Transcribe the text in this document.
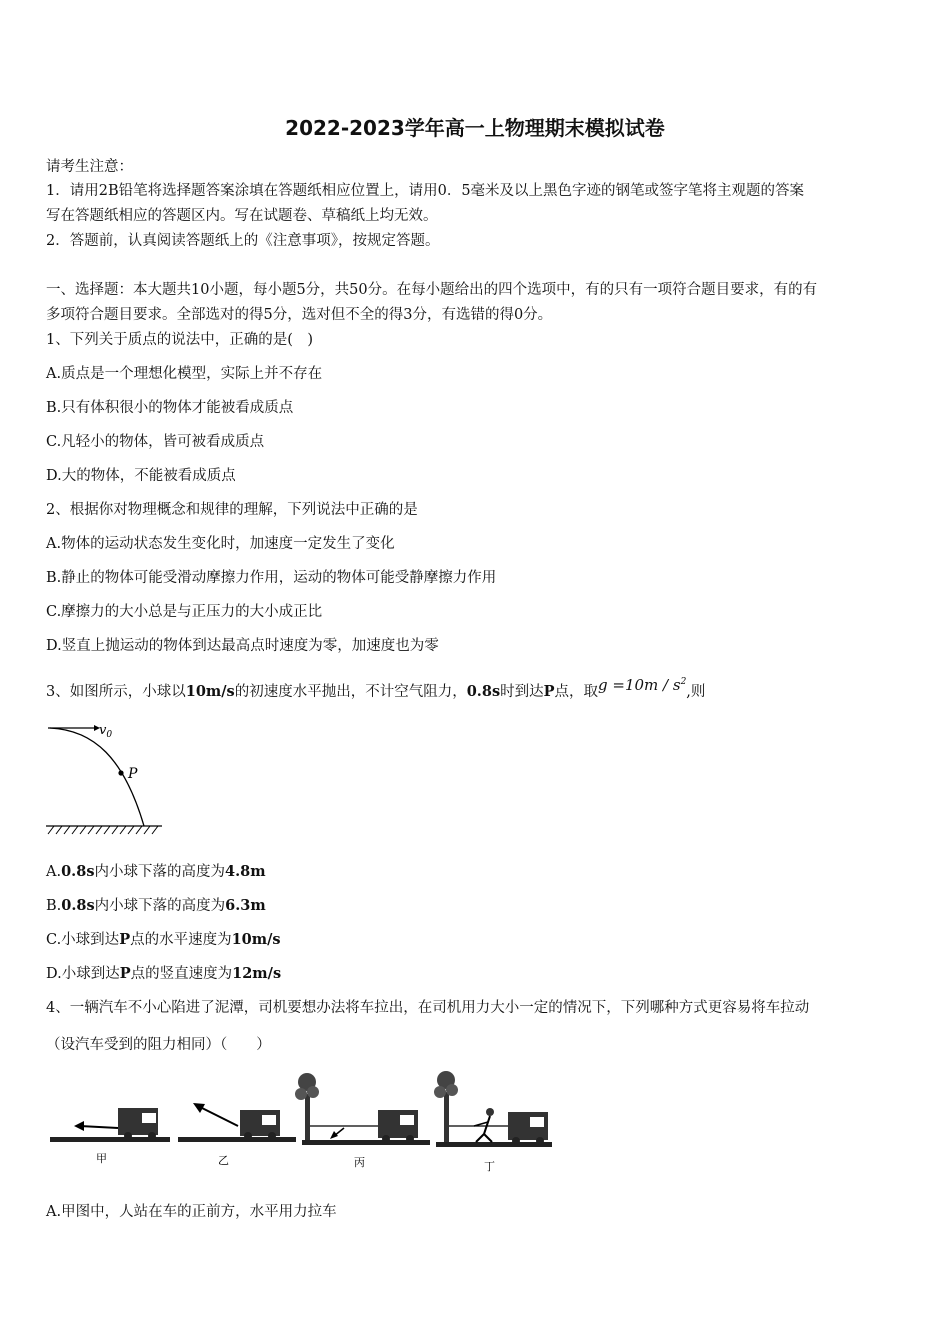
2022-2023学年高一上物理期末模拟试卷
请考生注意：
1．请用2B铅笔将选择题答案涂填在答题纸相应位置上，请用0．5毫米及以上黑色字迹的钢笔或签字笔将主观题的答案
写在答题纸相应的答题区内。写在试题卷、草稿纸上均无效。
2．答题前，认真阅读答题纸上的《注意事项》，按规定答题。
一、选择题：本大题共10小题，每小题5分，共50分。在每小题给出的四个选项中，有的只有一项符合题目要求，有的有
多项符合题目要求。全部选对的得5分，选对但不全的得3分，有选错的得0分。
1、下列关于质点的说法中，正确的是(　)
A.质点是一个理想化模型，实际上并不存在
B.只有体积很小的物体才能被看成质点
C.凡轻小的物体，皆可被看成质点
D.大的物体，不能被看成质点
2、根据你对物理概念和规律的理解，下列说法中正确的是
A.物体的运动状态发生变化时，加速度一定发生了变化
B.静止的物体可能受滑动摩擦力作用，运动的物体可能受静摩擦力作用
C.摩擦力的大小总是与正压力的大小成正比
D.竖直上抛运动的物体到达最高点时速度为零，加速度也为零
3、如图所示，小球以10m/s的初速度水平抛出，不计空气阻力，0.8s时到达P点，取$g =10m / s^2$,则
$v_0$
P
A.0.8s内小球下落的高度为4.8m
B.0.8s内小球下落的高度为6.3m
C.小球到达P点的水平速度为10m/s
D.小球到达P点的竖直速度为12m/s
4、一辆汽车不小心陷进了泥潭，司机要想办法将车拉出，在司机用力大小一定的情况下，下列哪种方式更容易将车拉动
（设汽车受到的阻力相同）（　　）
甲	乙	丙	丁
A.甲图中，人站在车的正前方，水平用力拉车
